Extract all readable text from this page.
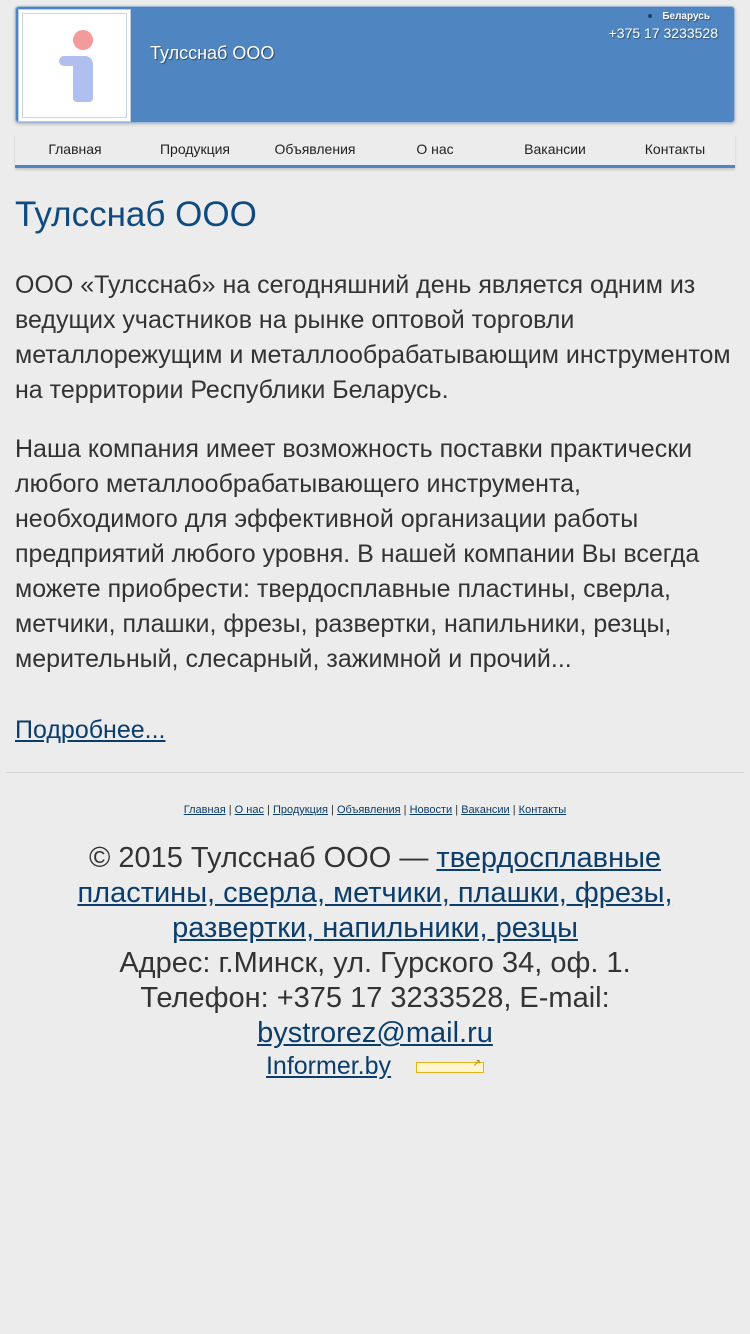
Тулсснаб ООО
Беларусь
+375 17 3233528
Главная	Продукция	Объявления	О нас	Вакансии	Контакты
Тулсснаб ООО

ООО «Тулсснаб» на сегодняшний день является одним из ведущих участников на рынке оптовой торговли металлорежущим и металлообрабатывающим инструментом на территории Республики Беларусь.

Наша компания имеет возможность поставки практически любого металлообрабатывающего инструмента, необходимого для эффективной организации работы предприятий любого уровня. В нашей компании Вы всегда можете приобрести: твердосплавные пластины, сверла, метчики, плашки, фрезы, развертки, напильники, резцы, мерительный, слесарный, зажимной и прочий...

Подробнее...
Главная | О нас | Продукция | Объявления | Новости | Вакансии | Контакты
© 2015 Тулсснаб ООО — твердосплавные пластины, сверла, метчики, плашки, фрезы, развертки, напильники, резцы
Адрес: г.Минск, ул. Гурского 34, оф. 1.
Телефон: +375 17 3233528, E-mail:
bystrorez@mail.ru
Informer.by	↗
